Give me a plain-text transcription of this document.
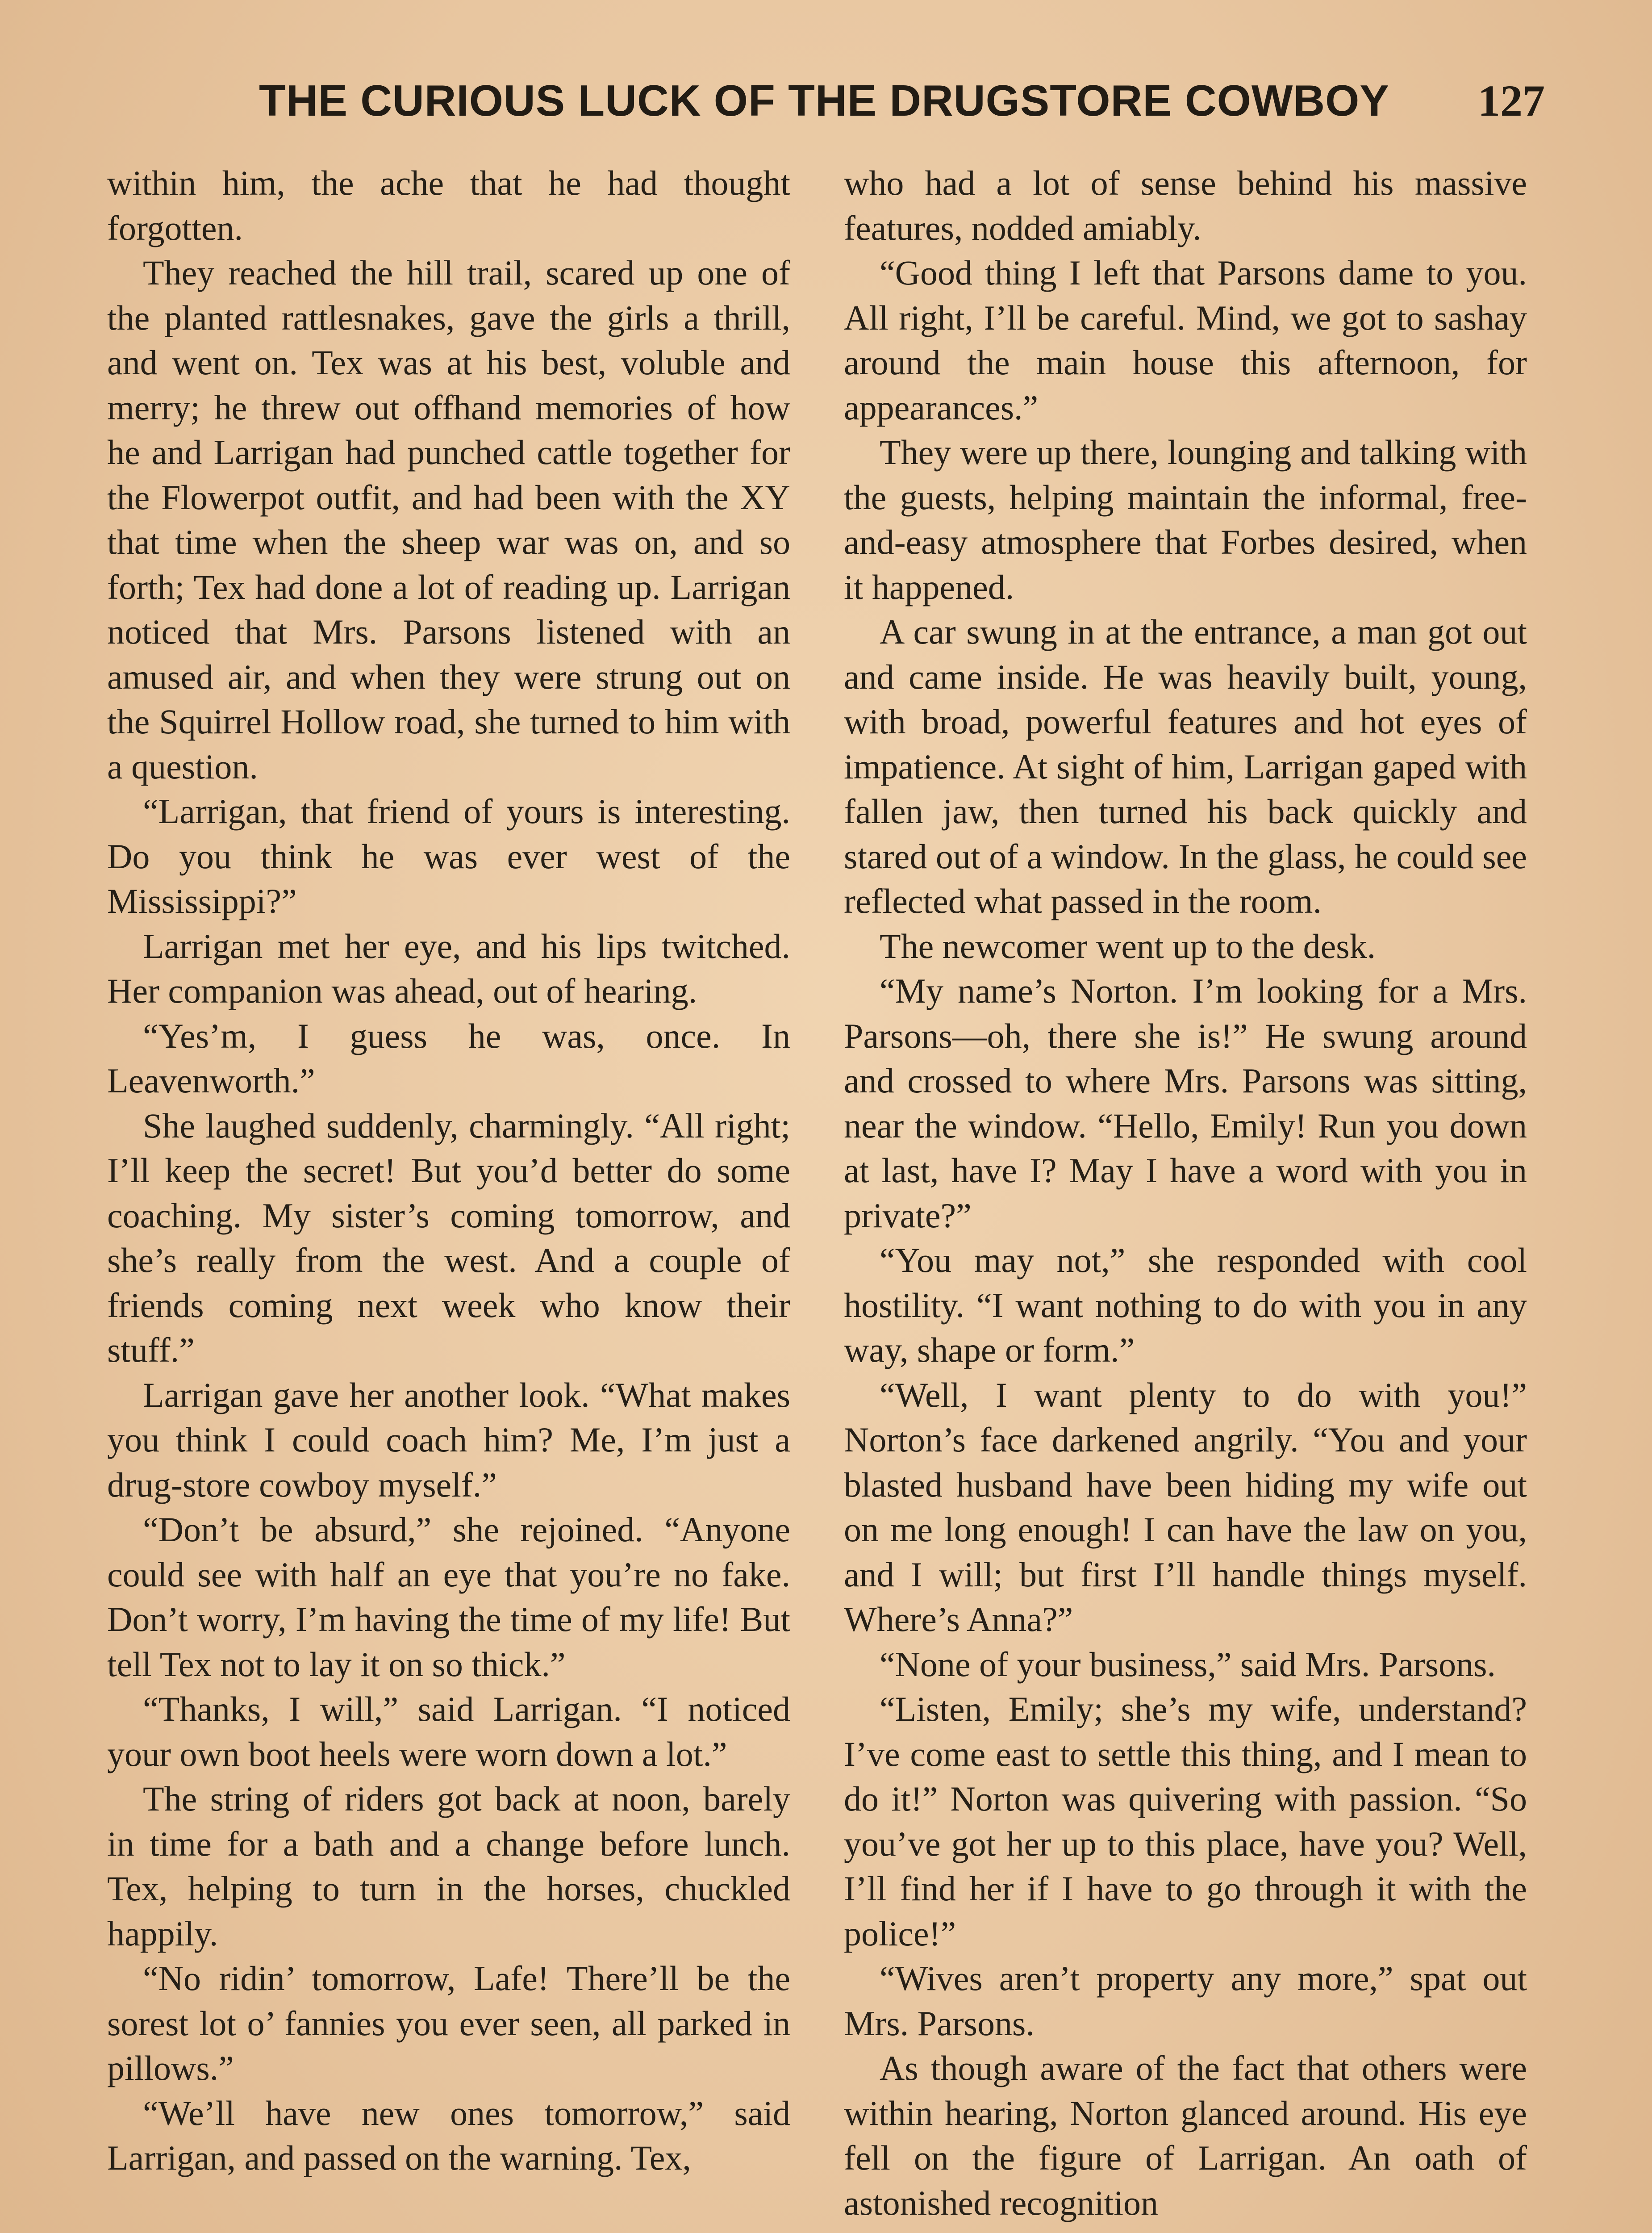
THE CURIOUS LUCK OF THE DRUGSTORE COWBOY 127

within him, the ache that he had thought forgotten.

They reached the hill trail, scared up one of the planted rattlesnakes, gave the girls a thrill, and went on. Tex was at his best, voluble and merry; he threw out offhand memories of how he and Larrigan had punched cattle together for the Flowerpot outfit, and had been with the XY that time when the sheep war was on, and so forth; Tex had done a lot of reading up. Larrigan noticed that Mrs. Parsons listened with an amused air, and when they were strung out on the Squirrel Hollow road, she turned to him with a question.

“Larrigan, that friend of yours is interesting. Do you think he was ever west of the Mississippi?”

Larrigan met her eye, and his lips twitched. Her companion was ahead, out of hearing.

“Yes’m, I guess he was, once. In Leavenworth.”

She laughed suddenly, charmingly. “All right; I’ll keep the secret! But you’d better do some coaching. My sister’s coming tomorrow, and she’s really from the west. And a couple of friends coming next week who know their stuff.”

Larrigan gave her another look. “What makes you think I could coach him? Me, I’m just a drug-store cowboy myself.”

“Don’t be absurd,” she rejoined. “Anyone could see with half an eye that you’re no fake. Don’t worry, I’m having the time of my life! But tell Tex not to lay it on so thick.”

“Thanks, I will,” said Larrigan. “I noticed your own boot heels were worn down a lot.”

The string of riders got back at noon, barely in time for a bath and a change before lunch. Tex, helping to turn in the horses, chuckled happily.

“No ridin’ tomorrow, Lafe! There’ll be the sorest lot o’ fannies you ever seen, all parked in pillows.”

“We’ll have new ones tomorrow,” said Larrigan, and passed on the warning. Tex,

who had a lot of sense behind his massive features, nodded amiably.

“Good thing I left that Parsons dame to you. All right, I’ll be careful. Mind, we got to sashay around the main house this afternoon, for appearances.”

They were up there, lounging and talking with the guests, helping maintain the informal, free-and-easy atmosphere that Forbes desired, when it happened.

A car swung in at the entrance, a man got out and came inside. He was heavily built, young, with broad, powerful features and hot eyes of impatience. At sight of him, Larrigan gaped with fallen jaw, then turned his back quickly and stared out of a window. In the glass, he could see reflected what passed in the room.

The newcomer went up to the desk.

“My name’s Norton. I’m looking for a Mrs. Parsons—oh, there she is!” He swung around and crossed to where Mrs. Parsons was sitting, near the window. “Hello, Emily! Run you down at last, have I? May I have a word with you in private?”

“You may not,” she responded with cool hostility. “I want nothing to do with you in any way, shape or form.”

“Well, I want plenty to do with you!” Norton’s face darkened angrily. “You and your blasted husband have been hiding my wife out on me long enough! I can have the law on you, and I will; but first I’ll handle things myself. Where’s Anna?”

“None of your business,” said Mrs. Parsons.

“Listen, Emily; she’s my wife, understand? I’ve come east to settle this thing, and I mean to do it!” Norton was quivering with passion. “So you’ve got her up to this place, have you? Well, I’ll find her if I have to go through it with the police!”

“Wives aren’t property any more,” spat out Mrs. Parsons.

As though aware of the fact that others were within hearing, Norton glanced around. His eye fell on the figure of Larrigan. An oath of astonished recognition
